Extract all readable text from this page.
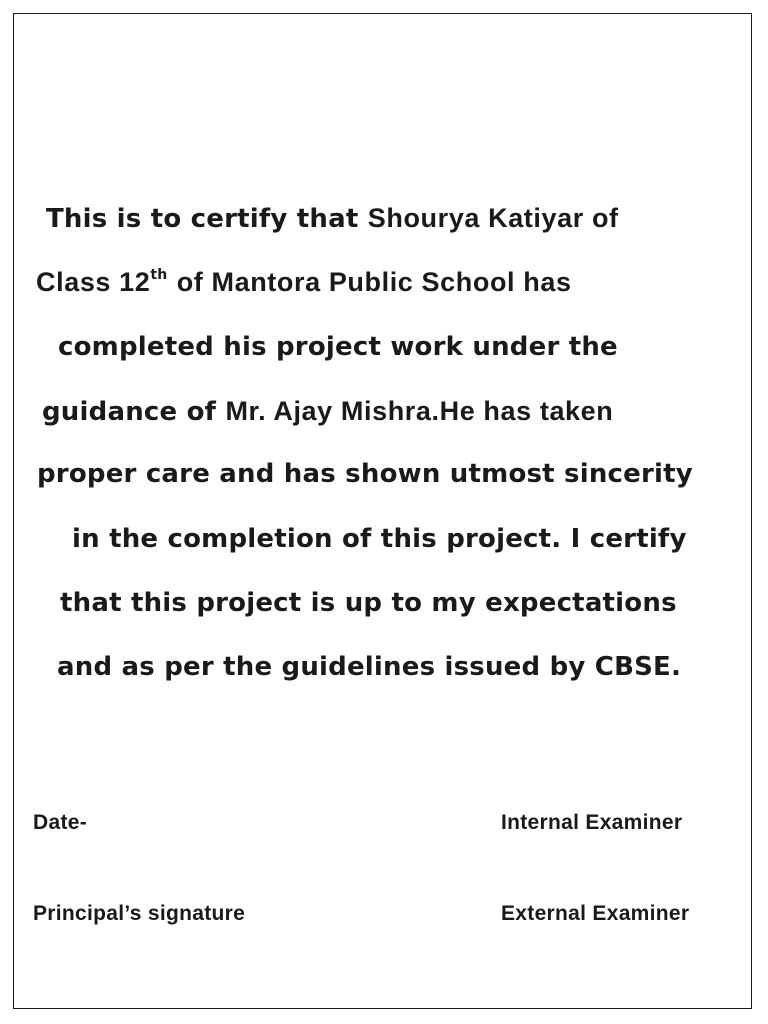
This is to certify that Shourya Katiyar of
Class 12th of Mantora Public School has
completed his project work under the
guidance of Mr. Ajay Mishra.He has taken
proper care and has shown utmost sincerity
in the completion of this project. I certify
that this project is up to my expectations
and as per the guidelines issued by CBSE.
Date-	Internal Examiner
Principal’s signature	External Examiner
